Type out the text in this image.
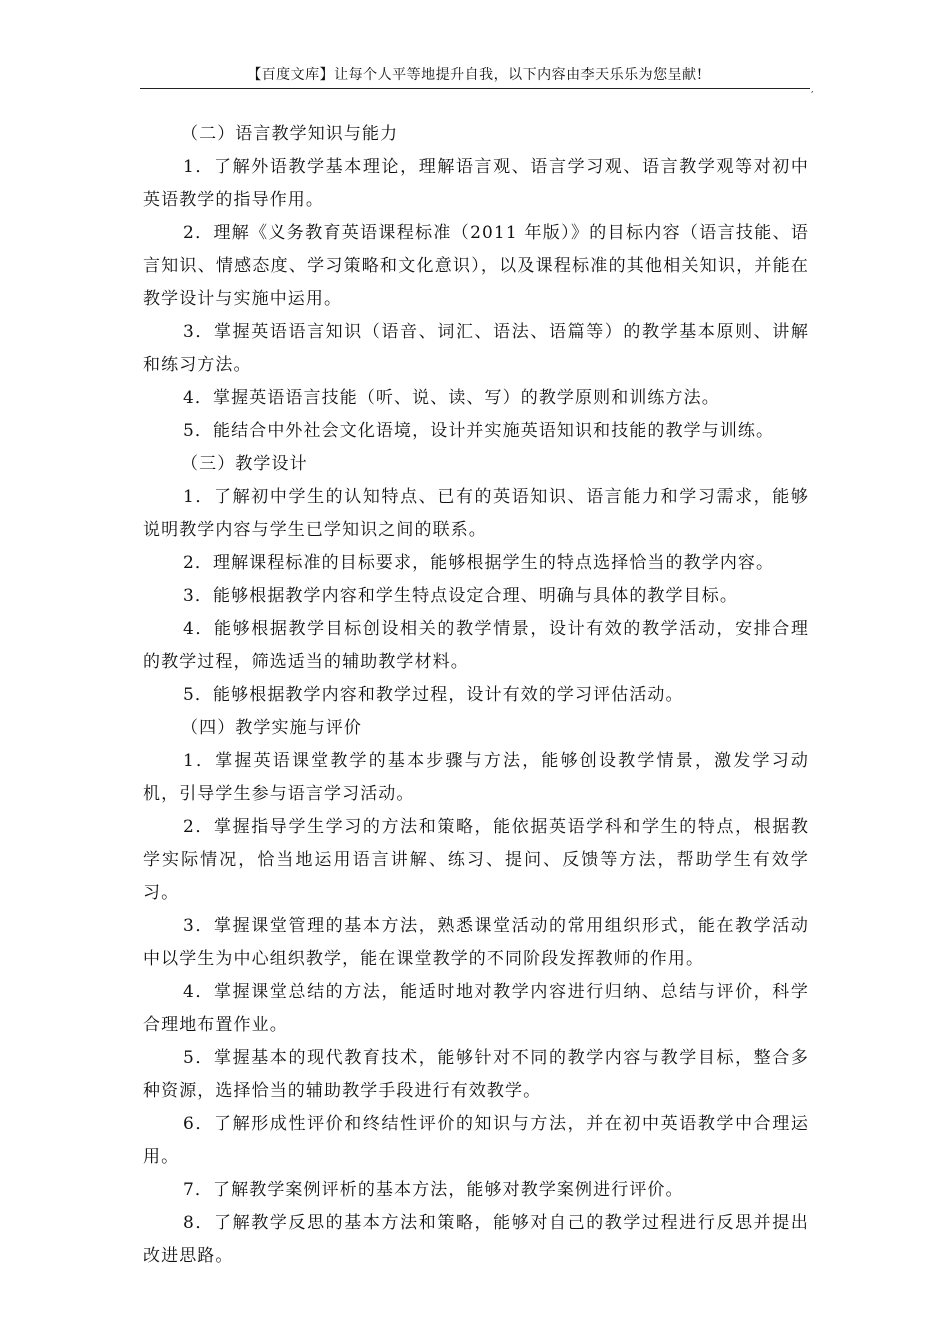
【百度文库】让每个人平等地提升自我，以下内容由李天乐乐为您呈献!
,

（二）语言教学知识与能力

1．了解外语教学基本理论，理解语言观、语言学习观、语言教学观等对初中英语教学的指导作用。

2．理解《义务教育英语课程标准（2011 年版）》的目标内容（语言技能、语言知识、情感态度、学习策略和文化意识），以及课程标准的其他相关知识，并能在教学设计与实施中运用。

3．掌握英语语言知识（语音、词汇、语法、语篇等）的教学基本原则、讲解和练习方法。

4．掌握英语语言技能（听、说、读、写）的教学原则和训练方法。

5．能结合中外社会文化语境，设计并实施英语知识和技能的教学与训练。

（三）教学设计

1．了解初中学生的认知特点、已有的英语知识、语言能力和学习需求，能够说明教学内容与学生已学知识之间的联系。

2．理解课程标准的目标要求，能够根据学生的特点选择恰当的教学内容。

3．能够根据教学内容和学生特点设定合理、明确与具体的教学目标。

4．能够根据教学目标创设相关的教学情景，设计有效的教学活动，安排合理的教学过程，筛选适当的辅助教学材料。

5．能够根据教学内容和教学过程，设计有效的学习评估活动。

（四）教学实施与评价

1．掌握英语课堂教学的基本步骤与方法，能够创设教学情景，激发学习动机，引导学生参与语言学习活动。

2．掌握指导学生学习的方法和策略，能依据英语学科和学生的特点，根据教学实际情况，恰当地运用语言讲解、练习、提问、反馈等方法，帮助学生有效学习。

3．掌握课堂管理的基本方法，熟悉课堂活动的常用组织形式，能在教学活动中以学生为中心组织教学，能在课堂教学的不同阶段发挥教师的作用。

4．掌握课堂总结的方法，能适时地对教学内容进行归纳、总结与评价，科学合理地布置作业。

5．掌握基本的现代教育技术，能够针对不同的教学内容与教学目标，整合多种资源，选择恰当的辅助教学手段进行有效教学。

6．了解形成性评价和终结性评价的知识与方法，并在初中英语教学中合理运用。

7．了解教学案例评析的基本方法，能够对教学案例进行评价。

8．了解教学反思的基本方法和策略，能够对自己的教学过程进行反思并提出改进思路。
